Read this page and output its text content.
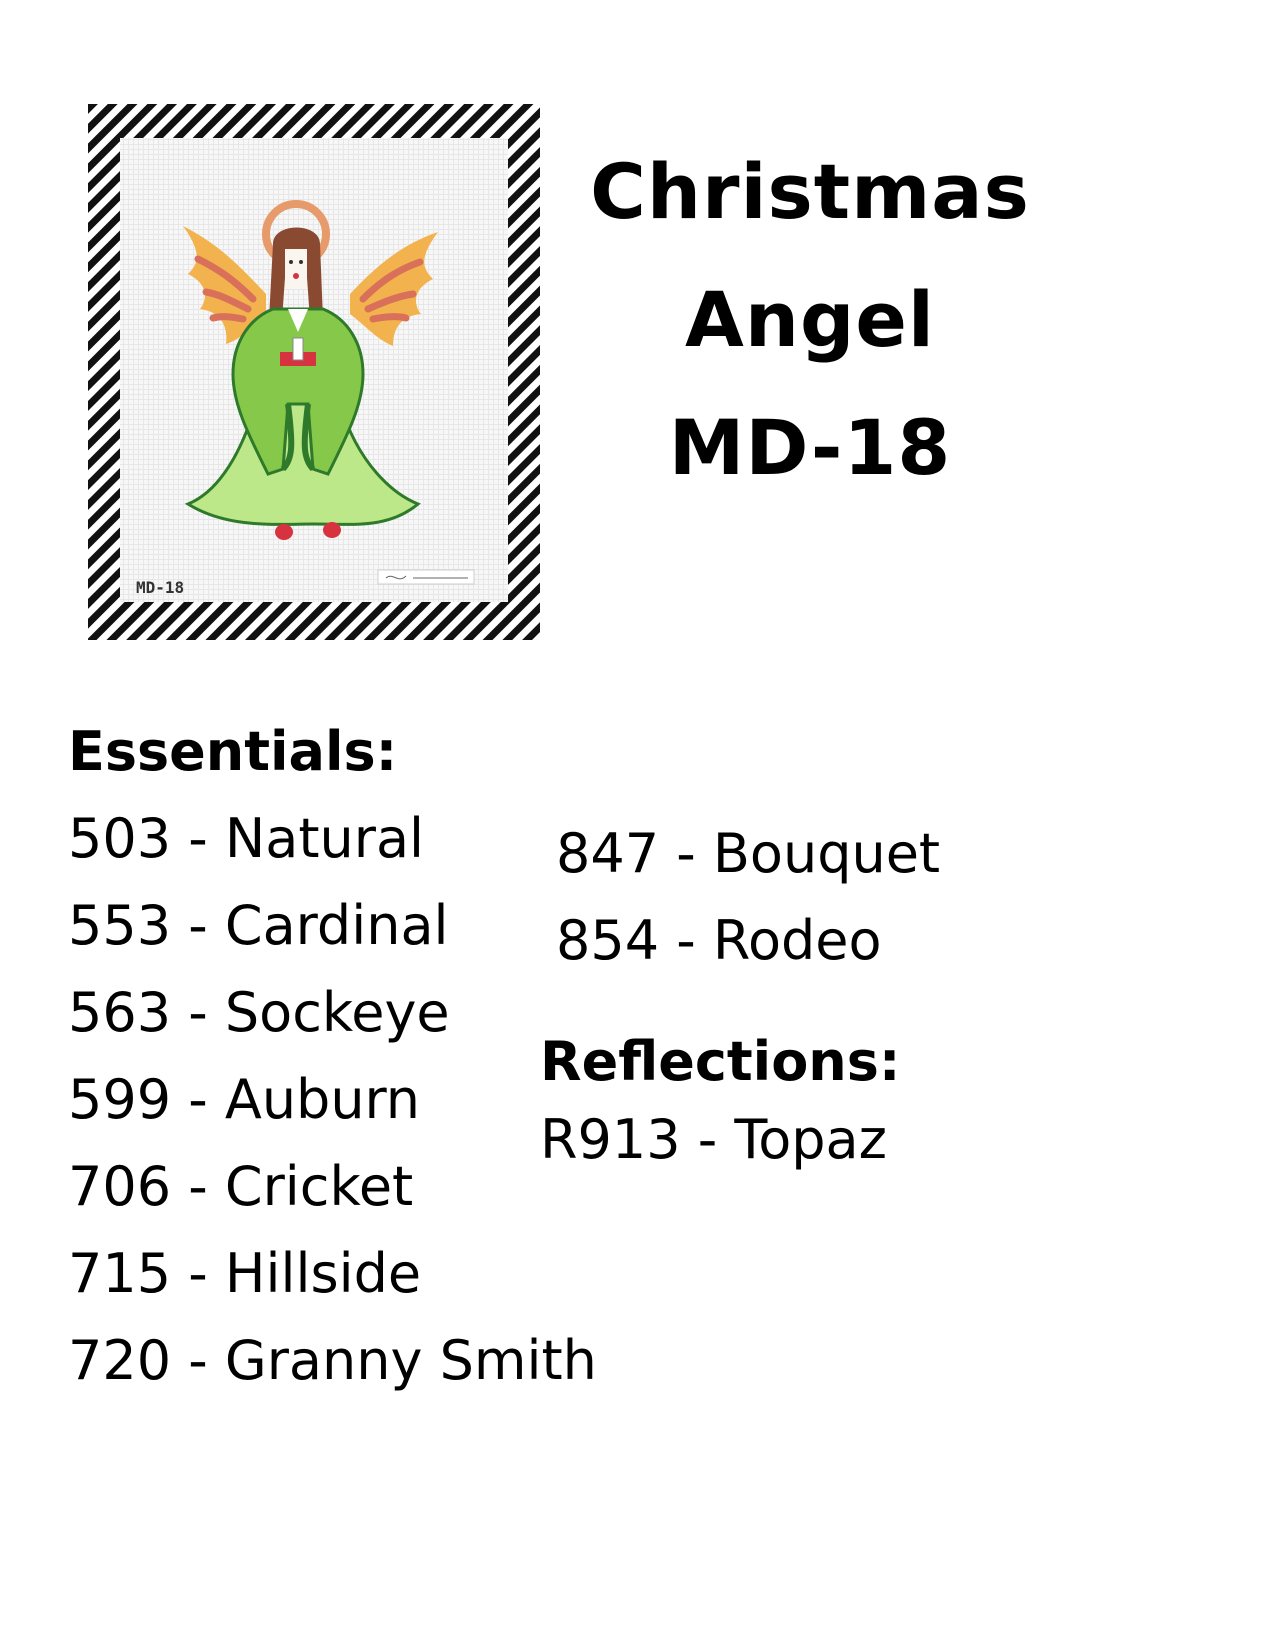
MD-18
Christmas
Angel
MD-18
Essentials:
503 - Natural
553 - Cardinal
563 - Sockeye
599 - Auburn
706 - Cricket
715 - Hillside
720 - Granny Smith
847 - Bouquet
854 - Rodeo
Reflections:
R913 - Topaz
